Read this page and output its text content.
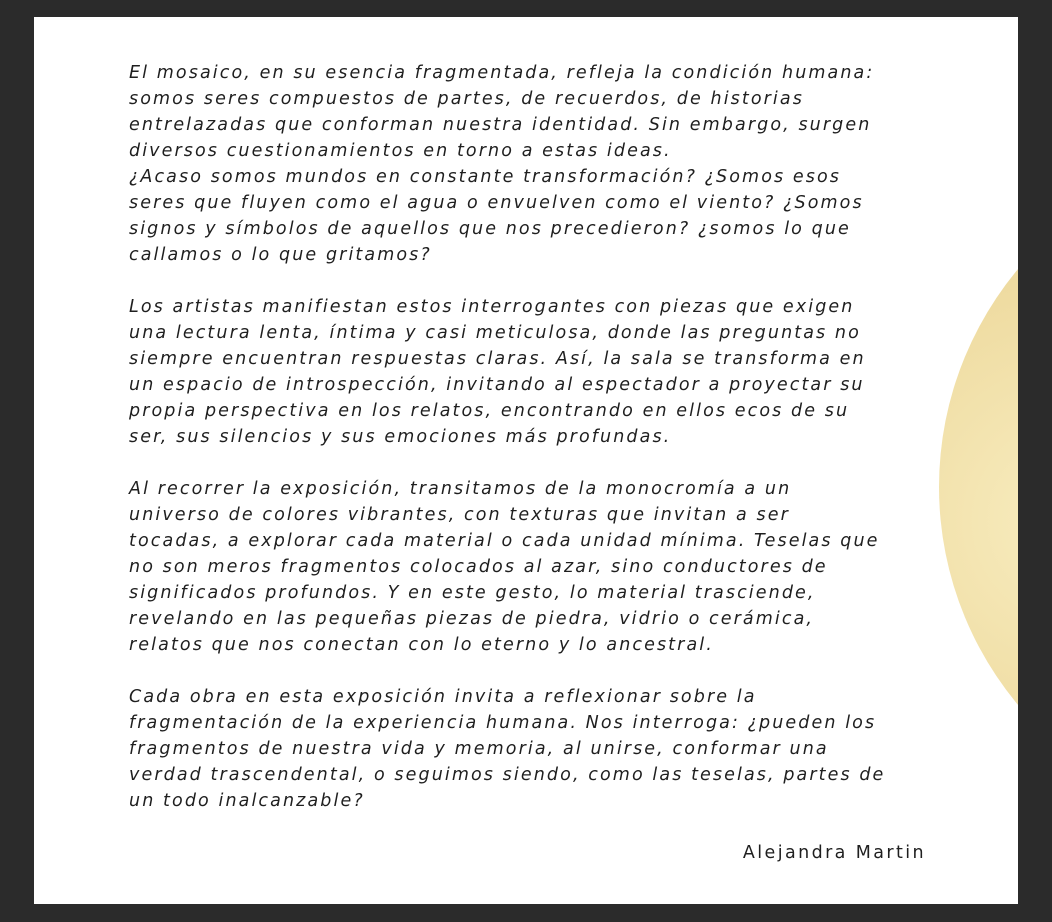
El mosaico, en su esencia fragmentada, refleja la condición humana:
somos seres compuestos de partes, de recuerdos, de historias
entrelazadas que conforman nuestra identidad. Sin embargo, surgen
diversos cuestionamientos en torno a estas ideas.
¿Acaso somos mundos en constante transformación? ¿Somos esos
seres que fluyen como el agua o envuelven como el viento? ¿Somos
signos y símbolos de aquellos que nos precedieron? ¿somos lo que
callamos o lo que gritamos?
Los artistas manifiestan estos interrogantes con piezas que exigen
una lectura lenta, íntima y casi meticulosa, donde las preguntas no
siempre encuentran respuestas claras. Así, la sala se transforma en
un espacio de introspección, invitando al espectador a proyectar su
propia perspectiva en los relatos, encontrando en ellos ecos de su
ser, sus silencios y sus emociones más profundas.
Al recorrer la exposición, transitamos de la monocromía a un
universo de colores vibrantes, con texturas que invitan a ser
tocadas, a explorar cada material o cada unidad mínima. Teselas que
no son meros fragmentos colocados al azar, sino conductores de
significados profundos. Y en este gesto, lo material trasciende,
revelando en las pequeñas piezas de piedra, vidrio o cerámica,
relatos que nos conectan con lo eterno y lo ancestral.
Cada obra en esta exposición invita a reflexionar sobre la
fragmentación de la experiencia humana. Nos interroga: ¿pueden los
fragmentos de nuestra vida y memoria, al unirse, conformar una
verdad trascendental, o seguimos siendo, como las teselas, partes de
un todo inalcanzable?
Alejandra Martin
